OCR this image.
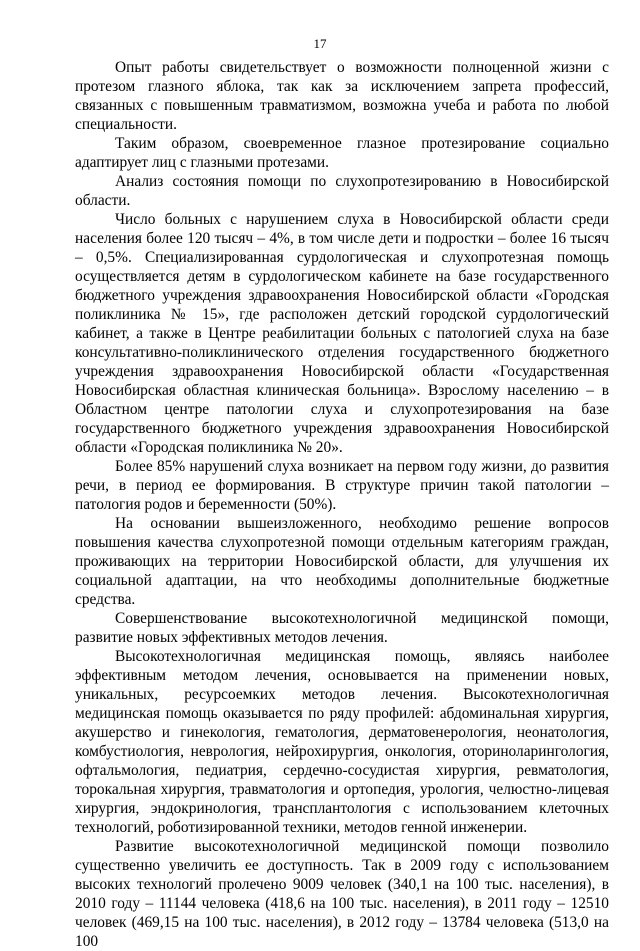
17

Опыт работы свидетельствует о возможности полноценной жизни с протезом глазного яблока, так как за исключением запрета профессий, связанных с повышенным травматизмом, возможна учеба и работа по любой специальности.

Таким образом, своевременное глазное протезирование социально адаптирует лиц с глазными протезами.

Анализ состояния помощи по слухопротезированию в Новосибирской области.

Число больных с нарушением слуха в Новосибирской области среди населения более 120 тысяч – 4%, в том числе дети и подростки – более 16 тысяч – 0,5%. Специализированная сурдологическая и слухопротезная помощь осуществляется детям в сурдологическом кабинете на базе государственного бюджетного учреждения здравоохранения Новосибирской области «Городская поликлиника № 15», где расположен детский городской сурдологический кабинет, а также в Центре реабилитации больных с патологией слуха на базе консультативно-поликлинического отделения государственного бюджетного учреждения здравоохранения Новосибирской области «Государственная Новосибирская областная клиническая больница». Взрослому населению – в Областном центре патологии слуха и слухопротезирования на базе государственного бюджетного учреждения здравоохранения Новосибирской области «Городская поликлиника № 20».

Более 85% нарушений слуха возникает на первом году жизни, до развития речи, в период ее формирования. В структуре причин такой патологии – патология родов и беременности (50%).

На основании вышеизложенного, необходимо решение вопросов повышения качества слухопротезной помощи отдельным категориям граждан, проживающих на территории Новосибирской области, для улучшения их социальной адаптации, на что необходимы дополнительные бюджетные средства.

Совершенствование высокотехнологичной медицинской помощи, развитие новых эффективных методов лечения.

Высокотехнологичная медицинская помощь, являясь наиболее эффективным методом лечения, основывается на применении новых, уникальных, ресурсоемких методов лечения. Высокотехнологичная медицинская помощь оказывается по ряду профилей: абдоминальная хирургия, акушерство и гинекология, гематология, дерматовенерология, неонатология, комбустиология, неврология, нейрохирургия, онкология, оториноларингология, офтальмология, педиатрия, сердечно-сосудистая хирургия, ревматология, торокальная хирургия, травматология и ортопедия, урология, челюстно-лицевая хирургия, эндокринология, трансплантология с использованием клеточных технологий, роботизированной техники, методов генной инженерии.

Развитие высокотехнологичной медицинской помощи позволило существенно увеличить ее доступность. Так в 2009 году с использованием высоких технологий пролечено 9009 человек (340,1 на 100 тыс. населения), в 2010 году – 11144 человека (418,6 на 100 тыс. населения), в 2011 году – 12510 человек (469,15 на 100 тыс. населения), в 2012 году – 13784 человека (513,0 на 100
